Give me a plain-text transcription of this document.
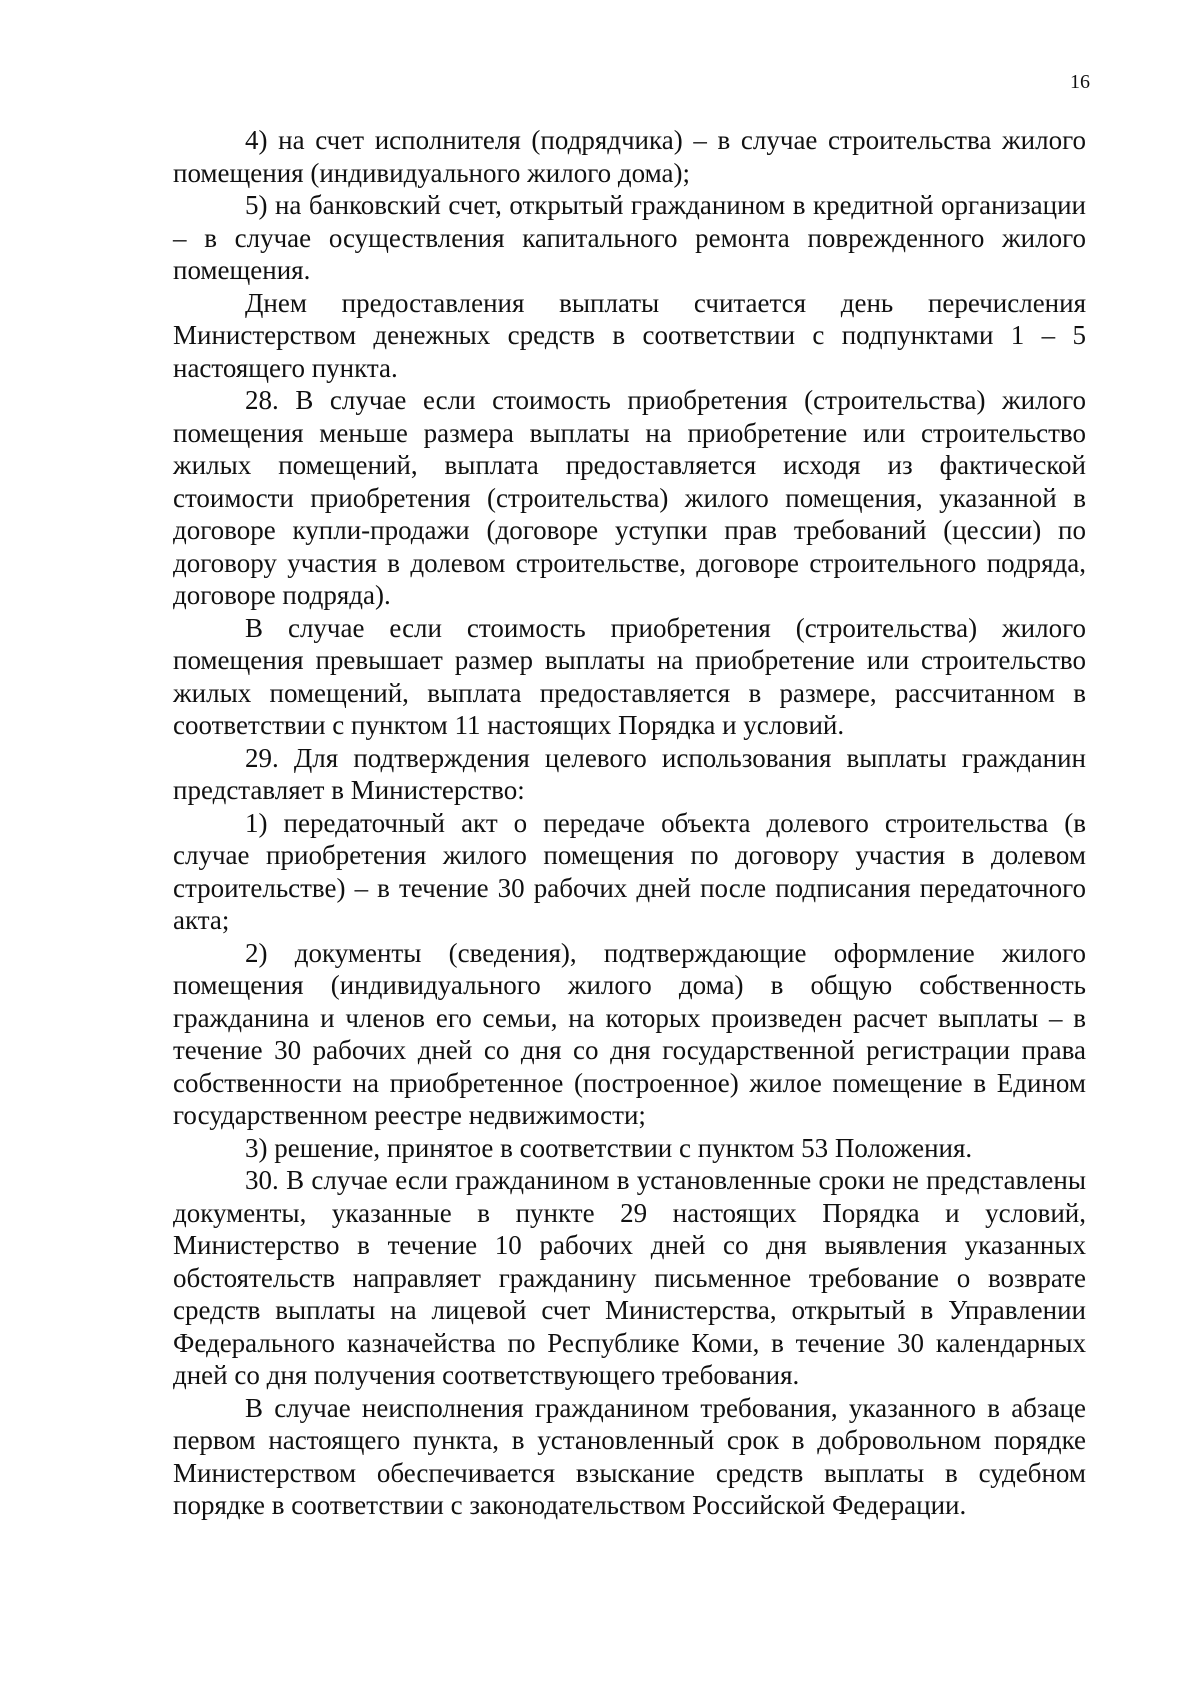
16

4) на счет исполнителя (подрядчика) – в случае строительства жилого помещения (индивидуального жилого дома);

5) на банковский счет, открытый гражданином в кредитной организации – в случае осуществления капитального ремонта поврежденного жилого помещения.

Днем предоставления выплаты считается день перечисления Министерством денежных средств в соответствии с подпунктами 1 – 5 настоящего пункта.

28. В случае если стоимость приобретения (строительства) жилого помещения меньше размера выплаты на приобретение или строительство жилых помещений, выплата предоставляется исходя из фактической стоимости приобретения (строительства) жилого помещения, указанной в договоре купли-продажи (договоре уступки прав требований (цессии) по договору участия в долевом строительстве, договоре строительного подряда, договоре подряда).

В случае если стоимость приобретения (строительства) жилого помещения превышает размер выплаты на приобретение или строительство жилых помещений, выплата предоставляется в размере, рассчитанном в соответствии с пунктом 11 настоящих Порядка и условий.

29. Для подтверждения целевого использования выплаты гражданин представляет в Министерство:

1) передаточный акт о передаче объекта долевого строительства (в случае приобретения жилого помещения по договору участия в долевом строительстве) – в течение 30 рабочих дней после подписания передаточного акта;

2) документы (сведения), подтверждающие оформление жилого помещения (индивидуального жилого дома) в общую собственность гражданина и членов его семьи, на которых произведен расчет выплаты – в течение 30 рабочих дней со дня со дня государственной регистрации права собственности на приобретенное (построенное) жилое помещение в Едином государственном реестре недвижимости;

3) решение, принятое в соответствии с пунктом 53 Положения.

30. В случае если гражданином в установленные сроки не представлены документы, указанные в пункте 29 настоящих Порядка и условий, Министерство в течение 10 рабочих дней со дня выявления указанных обстоятельств направляет гражданину письменное требование о возврате средств выплаты на лицевой счет Министерства, открытый в Управлении Федерального казначейства по Республике Коми, в течение 30 календарных дней со дня получения соответствующего требования.

В случае неисполнения гражданином требования, указанного в абзаце первом настоящего пункта, в установленный срок в добровольном порядке Министерством обеспечивается взыскание средств выплаты в судебном порядке в соответствии с законодательством Российской Федерации.
